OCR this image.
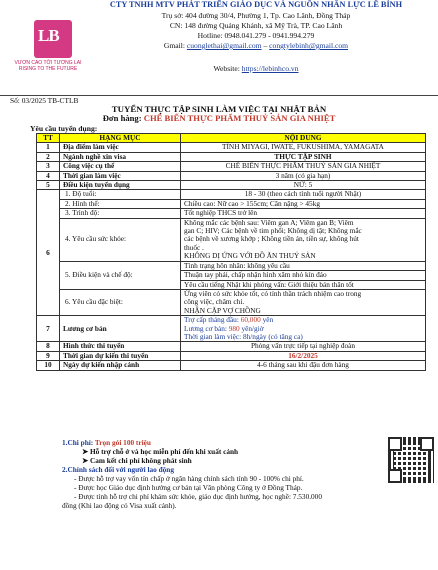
LB
VƯƠN CAO TỚI TƯƠNG LAI RISING TO THE FUTURE
CTY TNHH MTV PHÁT TRIỂN GIÁO DỤC VÀ NGUỒN NHÂN LỰC LÊ BÌNH
Trụ sở: 404 đường 30/4, Phường 1, Tp. Cao Lãnh, Đồng Tháp
CN: 148 đường Quảng Khánh, xã Mỹ Trà, TP. Cao Lãnh
Hotline: 0948.041.279 - 0941.994.279
Gmail: cuonglethai@gmail.com – congtylebinh@gmail.com
Website: https://lebinhco.vn
Số: 03/2025 TB-CTLB
TUYỂN THỰC TẬP SINH LÀM VIỆC TẠI NHẬT BẢN
Đơn hàng: CHẾ BIẾN THỰC PHẨM THUỶ SẢN GIA NHIỆT
Yêu cầu tuyển dụng:
TT	HẠNG MỤC	NỘI DUNG
1	Địa điểm làm việc	TỈNH MIYAGI, IWATE, FUKUSHIMA, YAMAGATA
2	Ngành nghề xin visa	THỰC TẬP SINH
3	Công việc cụ thể	CHẾ BIẾN THỰC PHẨM THUỶ SẢN GIA NHIỆT
4	Thời gian làm việc	3 năm (có gia hạn)
5	Điều kiện tuyển dụng	NỮ: 5
6	1. Độ tuổi:	18 - 30 (theo cách tính tuổi người Nhật)
	2. Hình thể:	Chiều cao: Nữ cao > 155cm; Cân nặng > 45kg
	3. Trình độ:	Tốt nghiệp THCS trở lên
	4. Yêu cầu sức khỏe:	Không mắc các bệnh sau: Viêm gan A; Viêm gan B; Viêm
gan C; HIV; Các bệnh về tim phổi; Không dị tật; Không mắc
các bệnh về xương khớp ; Không tiền án, tiền sự, không hút
thuốc .
KHÔNG DỊ ỨNG VỚI ĐỒ ĂN THUỶ SẢN

	5. Điều kiện và chế độ:	Tình trạng hôn nhân: không yêu cầu
Thuận tay phải, chấp nhận hình xăm nhỏ kín đáo
Yêu cầu tiếng Nhật khi phỏng vấn: Giới thiệu bản thân tốt

	6. Yêu cầu đặc biệt:	Ứng viên có sức khỏe tốt, có tính thần trách nhiệm cao trong
công việc, chăm chỉ.
NHẬN CẶP VỢ CHỒNG

7	Lương cơ bản	Trợ cấp tháng đầu: 60,000 yên
Lương cơ bản: 980 yên/giờ
Thời gian làm việc: 8h/ngày (có tăng ca)

8	Hình thức thi tuyển	Phỏng vấn trực tiếp tại nghiệp đoàn
9	Thời gian dự kiến thi tuyển	16/2/2025
10	Ngày dự kiến nhập cảnh	4-6 tháng sau khi đậu đơn hàng
1.Chi phí: Trọn gói 100 triệu
➤ Hỗ trợ chỗ ở và học miễn phí đến khi xuất cảnh
➤ Cam kết chi phí không phát sinh
2.Chính sách đối với người lao động
- Được hỗ trợ vay vốn tín chấp ở ngân hàng chính sách tính 90 - 100% chi phí.
- Được học Giáo dục định hướng cơ bản tại Văn phòng Công ty ở Đồng Tháp.
- Được tính hỗ trợ chi phí khám sức khỏe, giáo dục định hướng, học nghề: 7.530.000
đồng (Khi lao động có Visa xuất cảnh).
